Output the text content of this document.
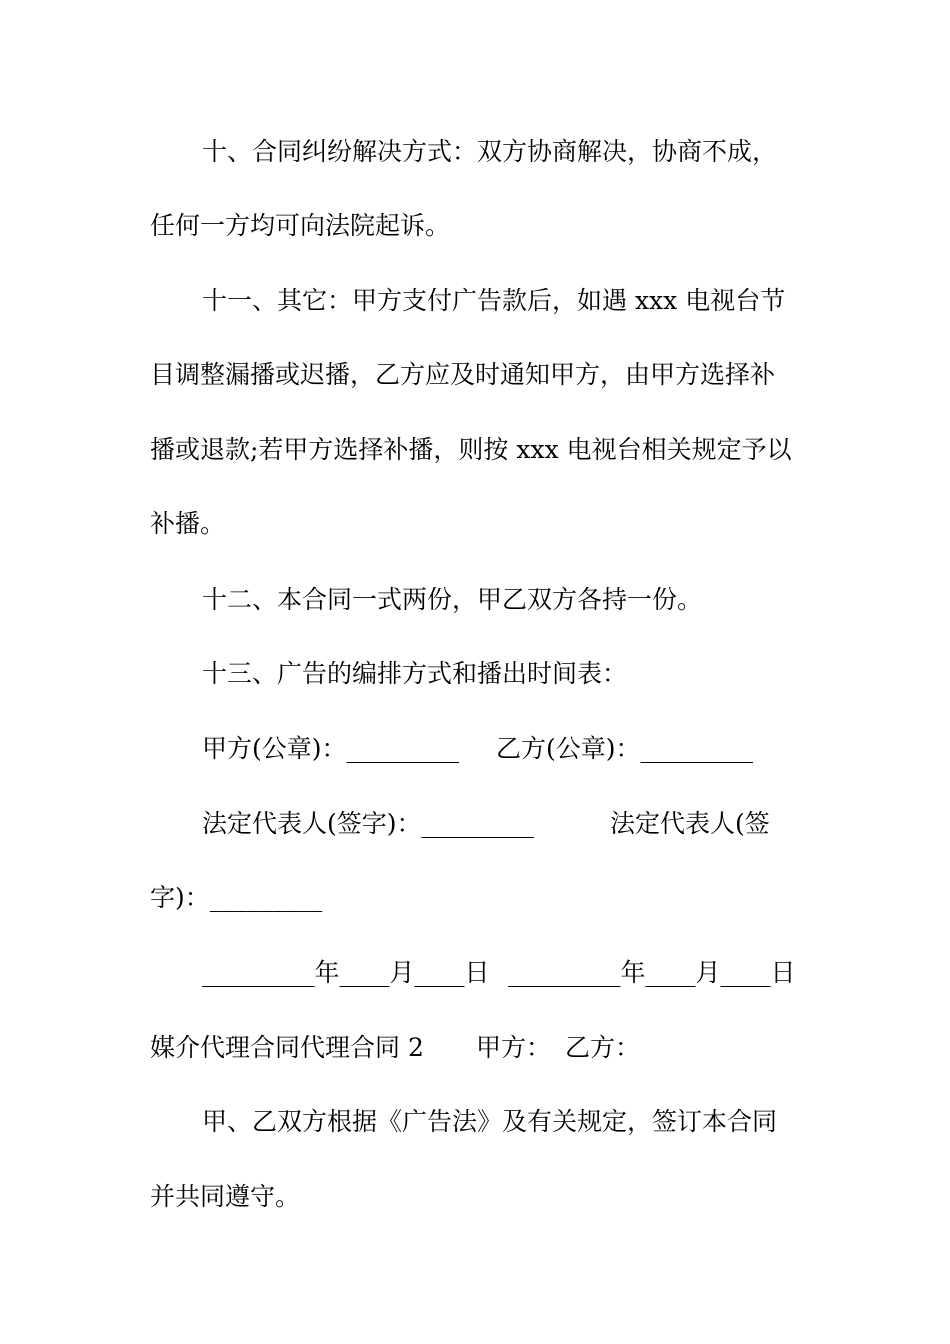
十、合同纠纷解决方式：双方协商解决，协商不成，
任何一方均可向法院起诉。
十一、其它：甲方支付广告款后，如遇 xxx 电视台节
目调整漏播或迟播，乙方应及时通知甲方，由甲方选择补
播或退款;若甲方选择补播，则按 xxx 电视台相关规定予以
补播。
十二、本合同一式两份，甲乙双方各持一份。
十三、广告的编排方式和播出时间表：
甲方(公章)：_________ 乙方(公章)：_________
法定代表人(签字)：_________	法定代表人(签
字)：_________
_________年____月____日 _________年____月____日
媒介代理合同代理合同 2 甲方： 乙方：
甲、乙双方根据《广告法》及有关规定，签订本合同
并共同遵守。
